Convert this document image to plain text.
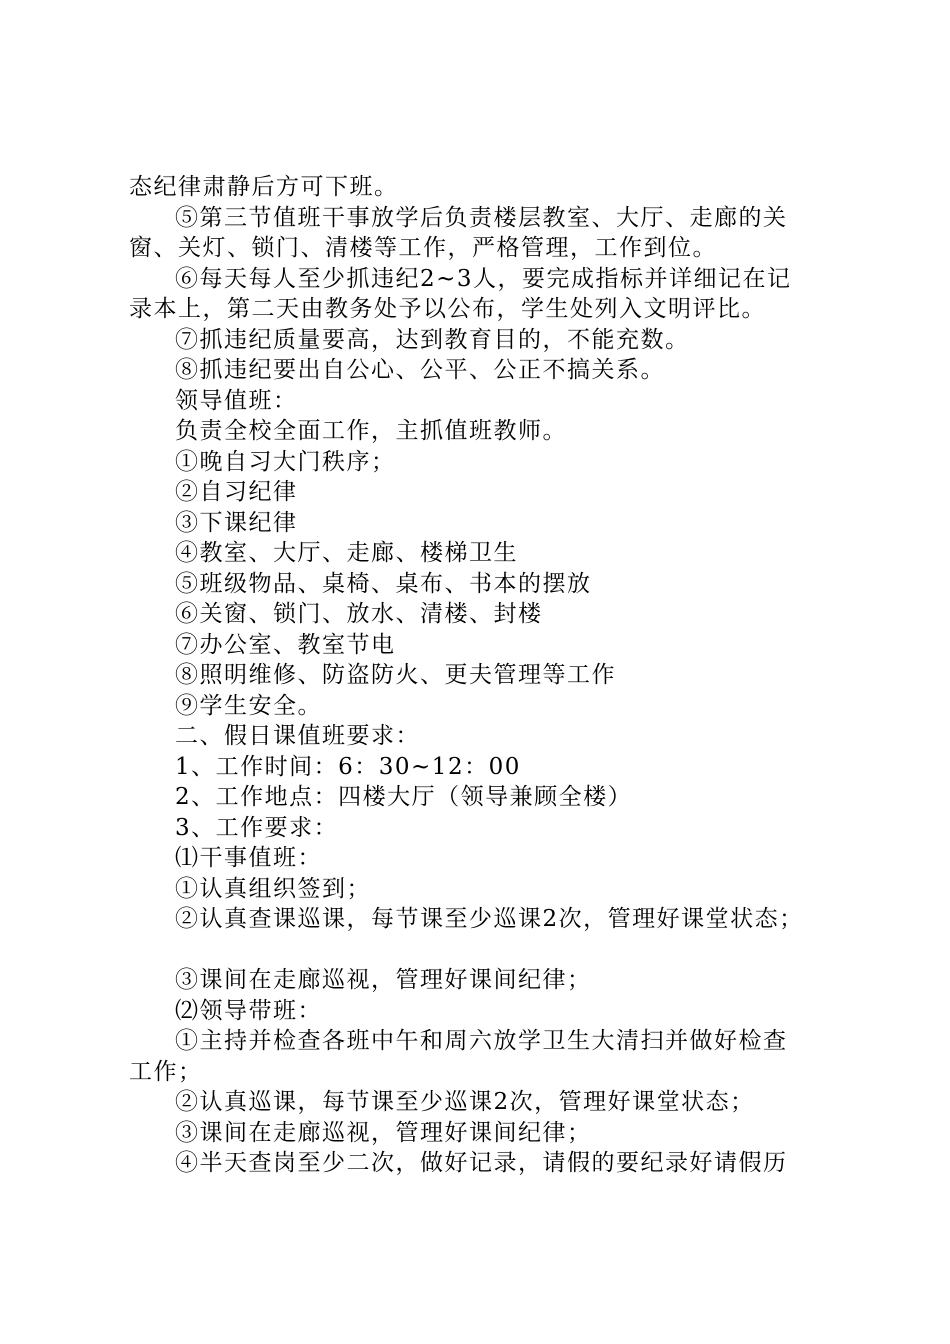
态纪律肃静后方可下班。
⑤第三节值班干事放学后负责楼层教室、大厅、走廊的关
窗、关灯、锁门、清楼等工作，严格管理，工作到位。
⑥每天每人至少抓违纪2~3人，要完成指标并详细记在记
录本上，第二天由教务处予以公布，学生处列入文明评比。
⑦抓违纪质量要高，达到教育目的，不能充数。
⑧抓违纪要出自公心、公平、公正不搞关系。
领导值班：
负责全校全面工作，主抓值班教师。
①晚自习大门秩序；
②自习纪律
③下课纪律
④教室、大厅、走廊、楼梯卫生
⑤班级物品、桌椅、桌布、书本的摆放
⑥关窗、锁门、放水、清楼、封楼
⑦办公室、教室节电
⑧照明维修、防盗防火、更夫管理等工作
⑨学生安全。
二、假日课值班要求：
1、工作时间：6：30~12：00
2、工作地点：四楼大厅（领导兼顾全楼）
3、工作要求：
⑴干事值班：
①认真组织签到；
②认真查课巡课，每节课至少巡课2次，管理好课堂状态；
③课间在走廊巡视，管理好课间纪律；
⑵领导带班：
①主持并检查各班中午和周六放学卫生大清扫并做好检查
工作；
②认真巡课，每节课至少巡课2次，管理好课堂状态；
③课间在走廊巡视，管理好课间纪律；
④半天查岗至少二次，做好记录，请假的要纪录好请假历
